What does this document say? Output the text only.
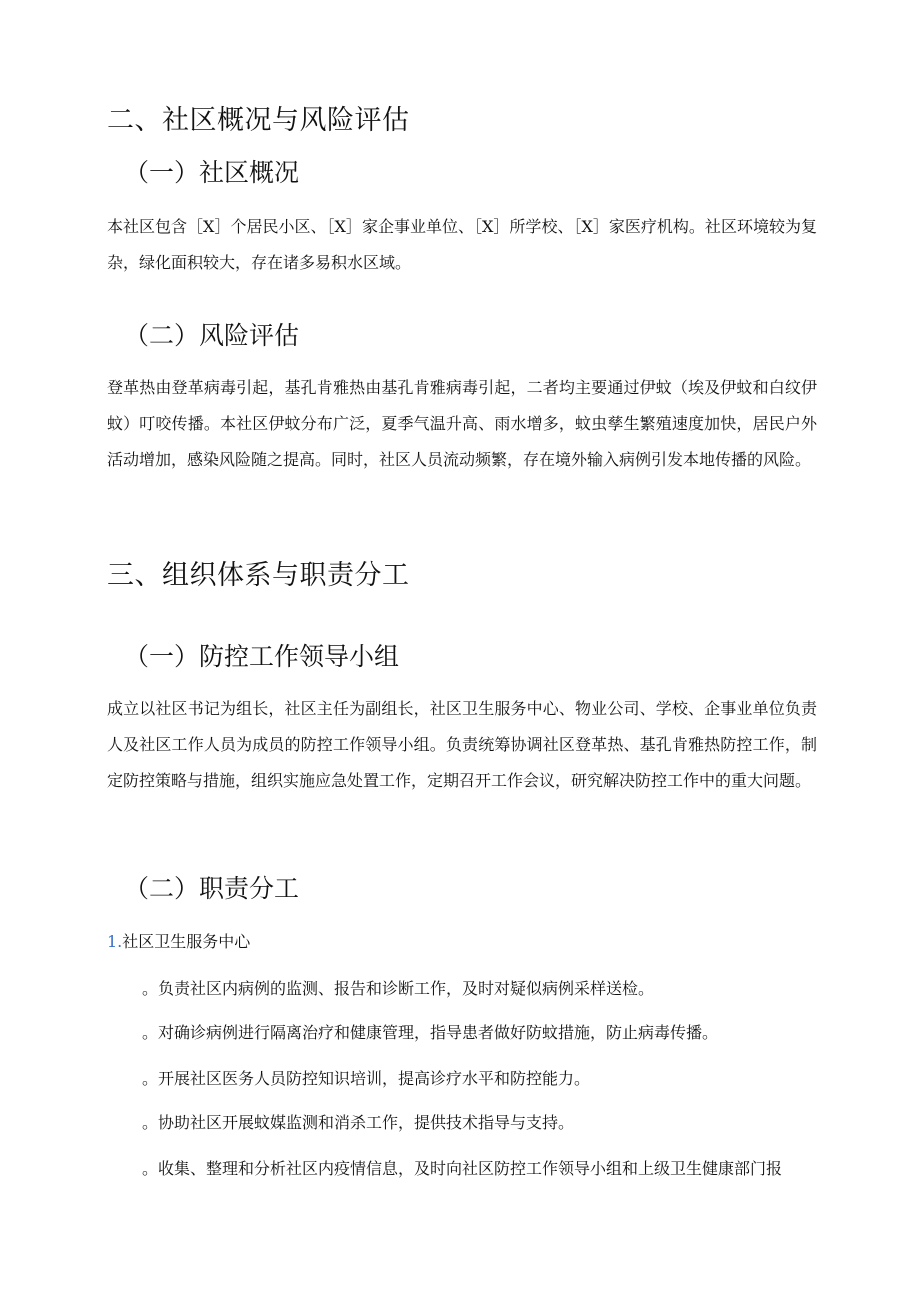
二、社区概况与风险评估
（一）社区概况

本社区包含［X］个居民小区、［X］家企事业单位、［X］所学校、［X］家医疗机构。社区环境较为复杂，绿化面积较大，存在诸多易积水区域。

（二）风险评估

登革热由登革病毒引起，基孔肯雅热由基孔肯雅病毒引起，二者均主要通过伊蚊（埃及伊蚊和白纹伊蚊）叮咬传播。本社区伊蚊分布广泛，夏季气温升高、雨水增多，蚊虫孳生繁殖速度加快，居民户外活动增加，感染风险随之提高。同时，社区人员流动频繁，存在境外输入病例引发本地传播的风险。

三、组织体系与职责分工
（一）防控工作领导小组

成立以社区书记为组长，社区主任为副组长，社区卫生服务中心、物业公司、学校、企事业单位负责人及社区工作人员为成员的防控工作领导小组。负责统筹协调社区登革热、基孔肯雅热防控工作，制定防控策略与措施，组织实施应急处置工作，定期召开工作会议，研究解决防控工作中的重大问题。

（二）职责分工
1.社区卫生服务中心
。负责社区内病例的监测、报告和诊断工作，及时对疑似病例采样送检。
。对确诊病例进行隔离治疗和健康管理，指导患者做好防蚊措施，防止病毒传播。
。开展社区医务人员防控知识培训，提高诊疗水平和防控能力。
。协助社区开展蚊媒监测和消杀工作，提供技术指导与支持。
。收集、整理和分析社区内疫情信息，及时向社区防控工作领导小组和上级卫生健康部门报
